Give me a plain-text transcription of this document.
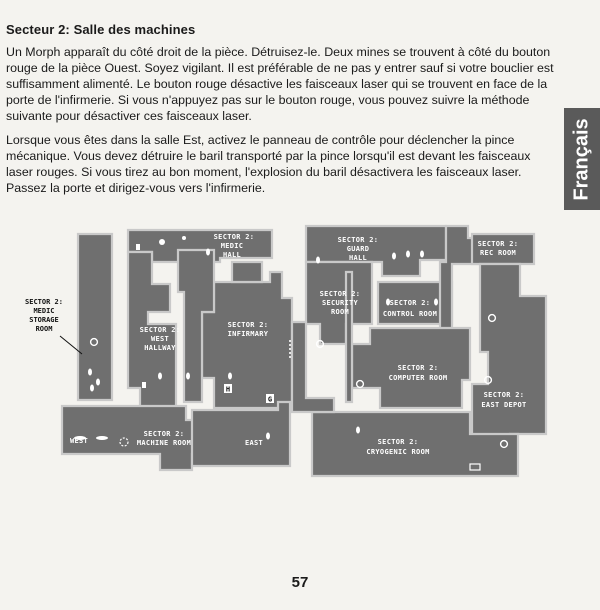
Secteur 2: Salle des machines

Un Morph apparaît du côté droit de la pièce. Détruisez-le. Deux mines se trouvent à côté du bouton rouge de la pièce Ouest. Soyez vigilant. Il est préférable de ne pas y entrer sauf si votre bouclier est suffisamment alimenté. Le bouton rouge désactive les faisceaux laser qui se trouvent en face de la porte de l'infirmerie. Si vous n'appuyez pas sur le bouton rouge, vous pouvez suivre la méthode suivante pour désactiver ces faisceaux laser.

Lorsque vous êtes dans la salle Est, activez le panneau de contrôle pour déclencher la pince mécanique. Vous devez détruire le baril transporté par la pince lorsqu'il est devant les faisceaux laser rouges. Si vous tirez au bon moment, l'explosion du baril désactivera les faisceaux laser. Passez la porte et dirigez-vous vers l'infirmerie.	Français
H
G
SECTOR 2:
MEDIC
HALL
SECTOR 2:
GUARD
HALL
SECTOR 2:
REC ROOM
SECTOR 2:
SECURITY
ROOM
SECTOR 2:
CONTROL ROOM
SECTOR 2:
WEST
HALLWAY
SECTOR 2:
INFIRMARY
SECTOR 2:
COMPUTER ROOM
SECTOR 2:
EAST DEPOT
SECTOR 2:
MACHINE ROOM
WEST	EAST	SECTOR 2:
CRYOGENIC ROOM
SECTOR 2:
MEDIC
STORAGE
ROOM
57
